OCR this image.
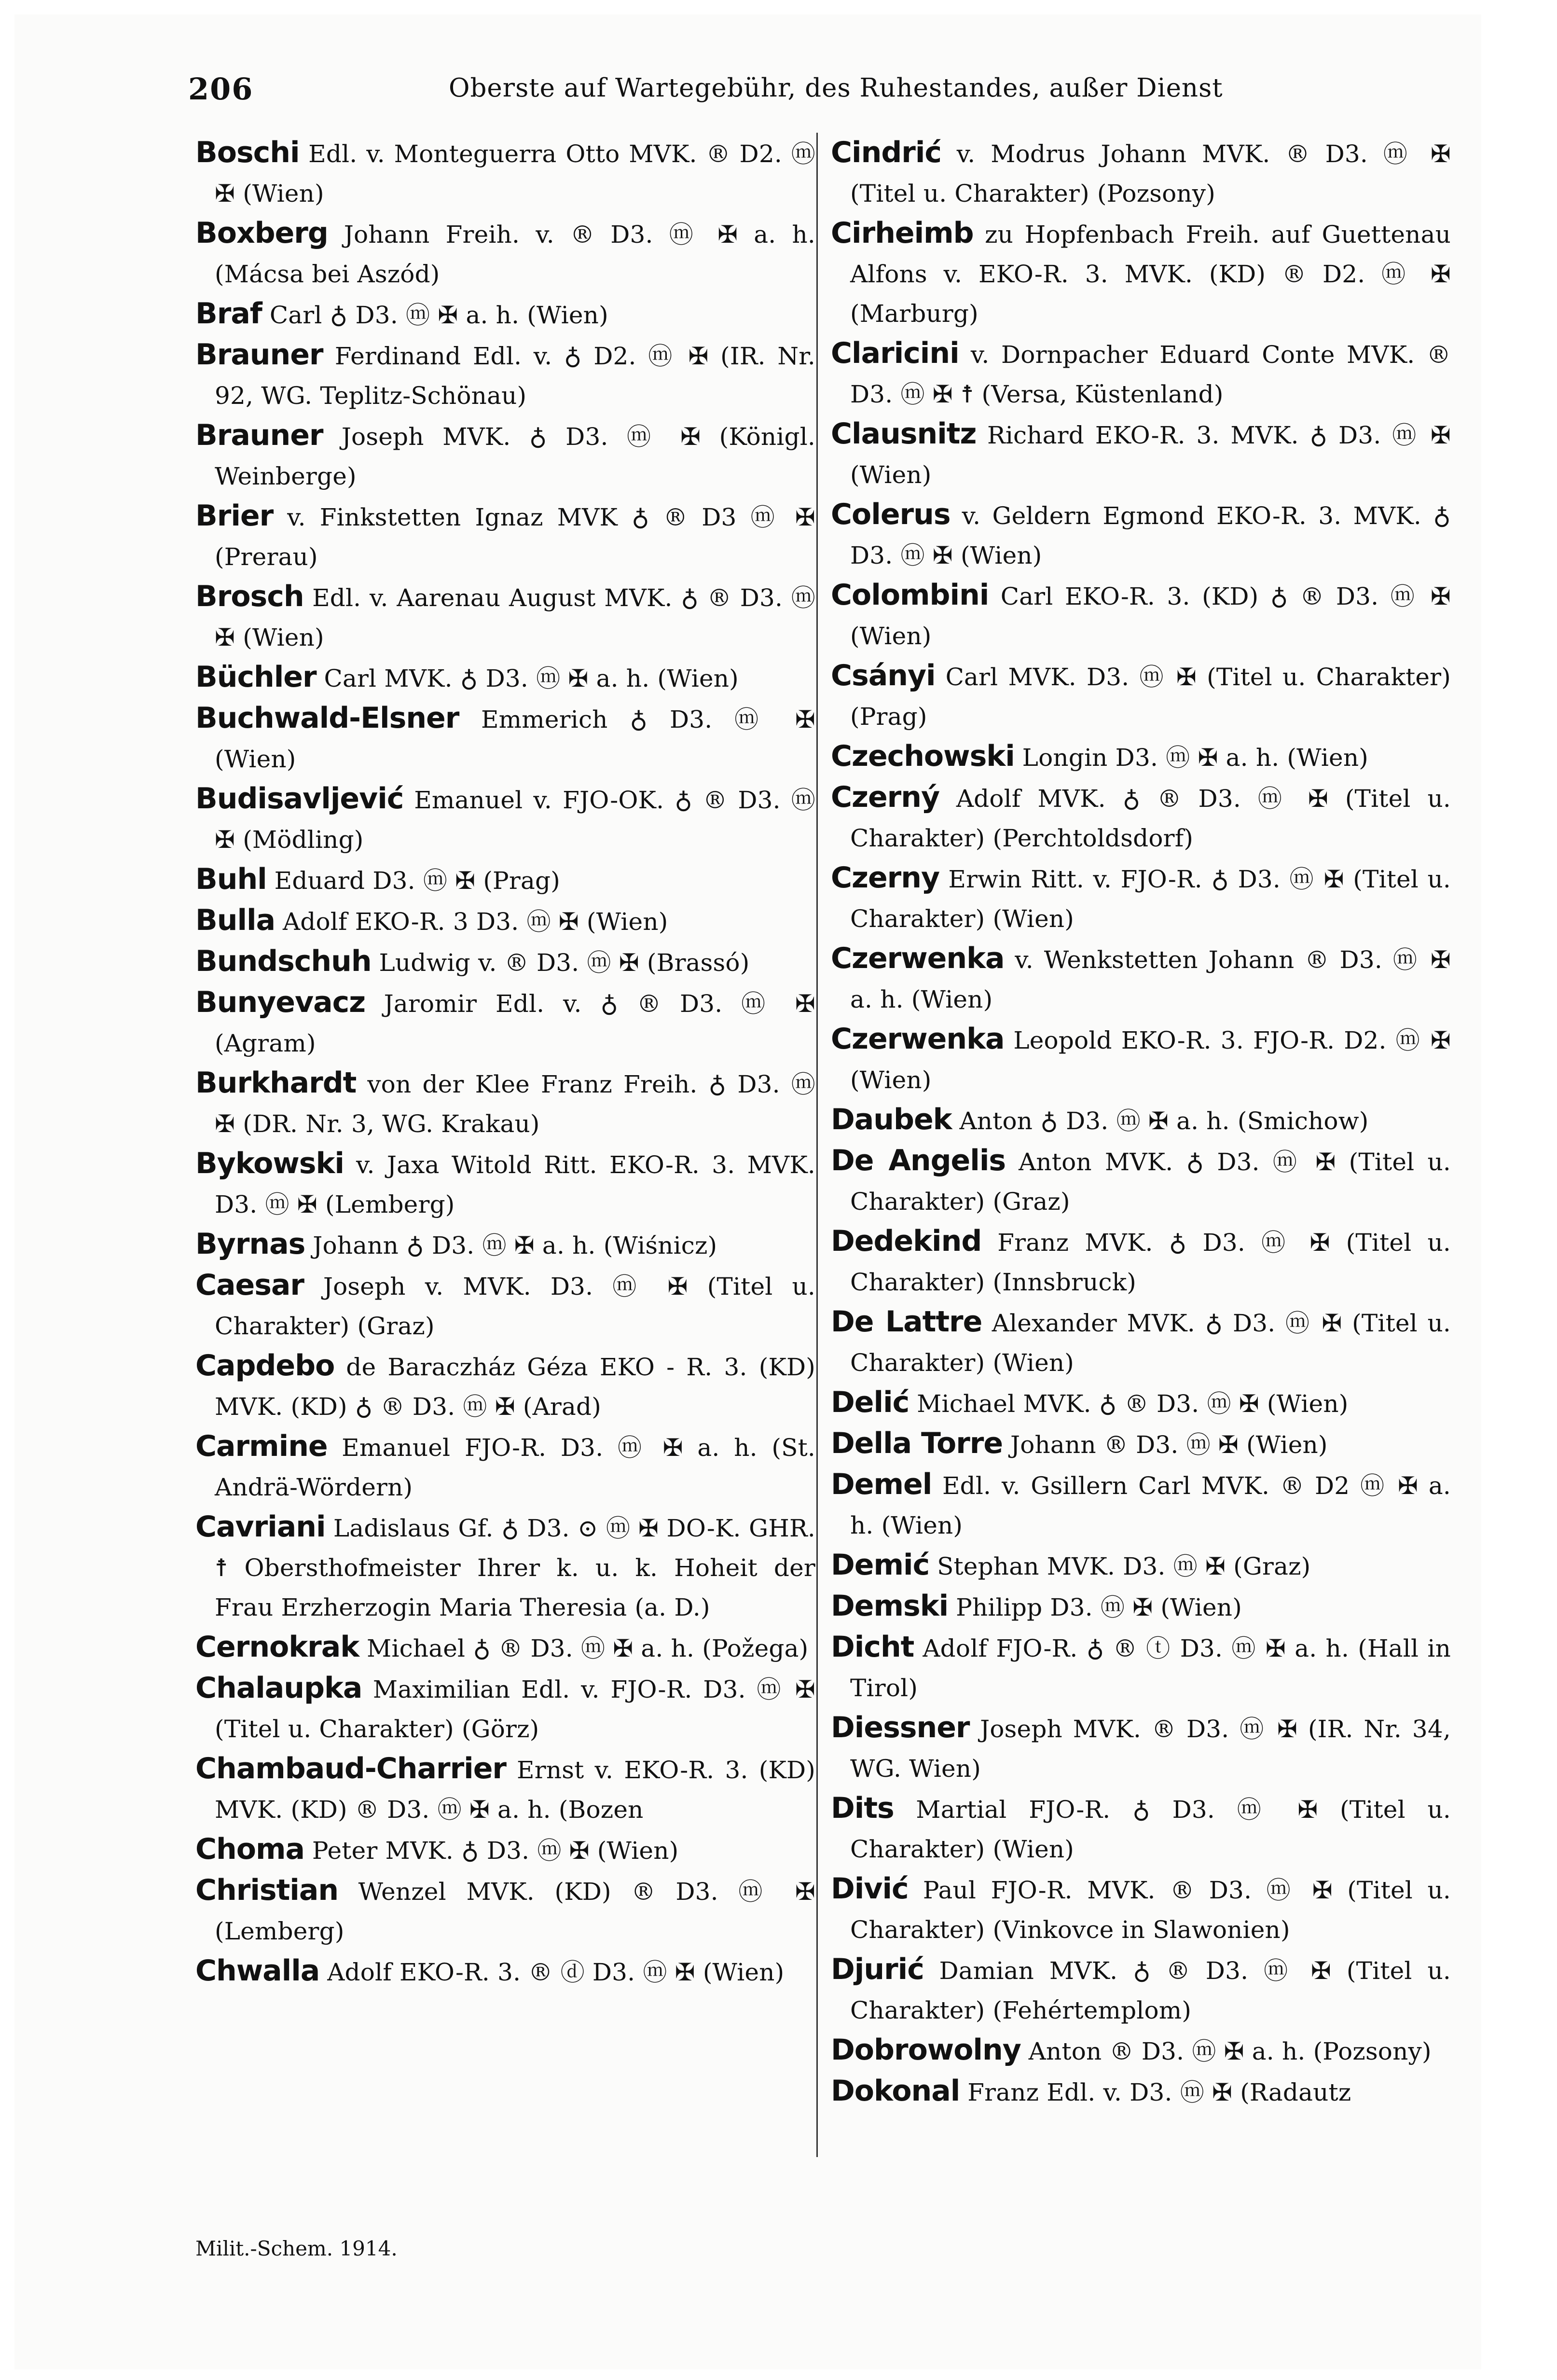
206	Oberste auf Wartegebühr, des Ruhestandes, außer Dienst

Boschi Edl. v. Monteguerra Otto MVK. ® D2. ⓜ ✠ (Wien)

Boxberg Johann Freih. v. ® D3. ⓜ ✠ a. h. (Mácsa bei Aszód)

Braf Carl ♁ D3. ⓜ ✠ a. h. (Wien)

Brauner Ferdinand Edl. v. ♁ D2. ⓜ ✠ (IR. Nr. 92, WG. Teplitz-Schönau)

Brauner Joseph MVK. ♁ D3. ⓜ ✠ (Königl. Weinberge)

Brier v. Finkstetten Ignaz MVK ♁ ® D3 ⓜ ✠ (Prerau)

Brosch Edl. v. Aarenau August MVK. ♁ ® D3. ⓜ ✠ (Wien)

Büchler Carl MVK. ♁ D3. ⓜ ✠ a. h. (Wien)

Buchwald-Elsner Emmerich ♁ D3. ⓜ ✠ (Wien)

Budisavljević Emanuel v. FJO-OK. ♁ ® D3. ⓜ ✠ (Mödling)

Buhl Eduard D3. ⓜ ✠ (Prag)

Bulla Adolf EKO-R. 3 D3. ⓜ ✠ (Wien)

Bundschuh Ludwig v. ® D3. ⓜ ✠ (Brassó)

Bunyevacz Jaromir Edl. v. ♁ ® D3. ⓜ ✠ (Agram)

Burkhardt von der Klee Franz Freih. ♁ D3. ⓜ ✠ (DR. Nr. 3, WG. Krakau)

Bykowski v. Jaxa Witold Ritt. EKO-R. 3. MVK. D3. ⓜ ✠ (Lemberg)

Byrnas Johann ♁ D3. ⓜ ✠ a. h. (Wiśnicz)

Caesar Joseph v. MVK. D3. ⓜ ✠ (Titel u. Charakter) (Graz)

Capdebo de Baraczház Géza EKO - R. 3. (KD) MVK. (KD) ♁ ® D3. ⓜ ✠ (Arad)

Carmine Emanuel FJO-R. D3. ⓜ ✠ a. h. (St. Andrä-Wördern)

Cavriani Ladislaus Gf. ♁ D3. ⊙ ⓜ ✠ DO-K. GHR. ☨ Obersthofmeister Ihrer k. u. k. Hoheit der Frau Erzherzogin Maria Theresia (a. D.)

Cernokrak Michael ♁ ® D3. ⓜ ✠ a. h. (Požega)

Chalaupka Maximilian Edl. v. FJO-R. D3. ⓜ ✠ (Titel u. Charakter) (Görz)

Chambaud-Charrier Ernst v. EKO-R. 3. (KD) MVK. (KD) ® D3. ⓜ ✠ a. h. (Bozen

Choma Peter MVK. ♁ D3. ⓜ ✠ (Wien)

Christian Wenzel MVK. (KD) ® D3. ⓜ ✠ (Lemberg)

Chwalla Adolf EKO-R. 3. ® ⓓ D3. ⓜ ✠ (Wien)

Cindrić v. Modrus Johann MVK. ® D3. ⓜ ✠ (Titel u. Charakter) (Pozsony)

Cirheimb zu Hopfenbach Freih. auf Guettenau Alfons v. EKO-R. 3. MVK. (KD) ® D2. ⓜ ✠ (Marburg)

Claricini v. Dornpacher Eduard Conte MVK. ® D3. ⓜ ✠ ☨ (Versa, Küstenland)

Clausnitz Richard EKO-R. 3. MVK. ♁ D3. ⓜ ✠ (Wien)

Colerus v. Geldern Egmond EKO-R. 3. MVK. ♁ D3. ⓜ ✠ (Wien)

Colombini Carl EKO-R. 3. (KD) ♁ ® D3. ⓜ ✠ (Wien)

Csányi Carl MVK. D3. ⓜ ✠ (Titel u. Charakter) (Prag)

Czechowski Longin D3. ⓜ ✠ a. h. (Wien)

Czerný Adolf MVK. ♁ ® D3. ⓜ ✠ (Titel u. Charakter) (Perchtoldsdorf)

Czerny Erwin Ritt. v. FJO-R. ♁ D3. ⓜ ✠ (Titel u. Charakter) (Wien)

Czerwenka v. Wenkstetten Johann ® D3. ⓜ ✠ a. h. (Wien)

Czerwenka Leopold EKO-R. 3. FJO-R. D2. ⓜ ✠ (Wien)

Daubek Anton ♁ D3. ⓜ ✠ a. h. (Smichow)

De Angelis Anton MVK. ♁ D3. ⓜ ✠ (Titel u. Charakter) (Graz)

Dedekind Franz MVK. ♁ D3. ⓜ ✠ (Titel u. Charakter) (Innsbruck)

De Lattre Alexander MVK. ♁ D3. ⓜ ✠ (Titel u. Charakter) (Wien)

Delić Michael MVK. ♁ ® D3. ⓜ ✠ (Wien)

Della Torre Johann ® D3. ⓜ ✠ (Wien)

Demel Edl. v. Gsillern Carl MVK. ® D2 ⓜ ✠ a. h. (Wien)

Demić Stephan MVK. D3. ⓜ ✠ (Graz)

Demski Philipp D3. ⓜ ✠ (Wien)

Dicht Adolf FJO-R. ♁ ® ⓣ D3. ⓜ ✠ a. h. (Hall in Tirol)

Diessner Joseph MVK. ® D3. ⓜ ✠ (IR. Nr. 34, WG. Wien)

Dits Martial FJO-R. ♁ D3. ⓜ ✠ (Titel u. Charakter) (Wien)

Divić Paul FJO-R. MVK. ® D3. ⓜ ✠ (Titel u. Charakter) (Vinkovce in Slawonien)

Djurić Damian MVK. ♁ ® D3. ⓜ ✠ (Titel u. Charakter) (Fehértemplom)

Dobrowolny Anton ® D3. ⓜ ✠ a. h. (Pozsony)

Dokonal Franz Edl. v. D3. ⓜ ✠ (Radautz

Milit.-Schem. 1914.
